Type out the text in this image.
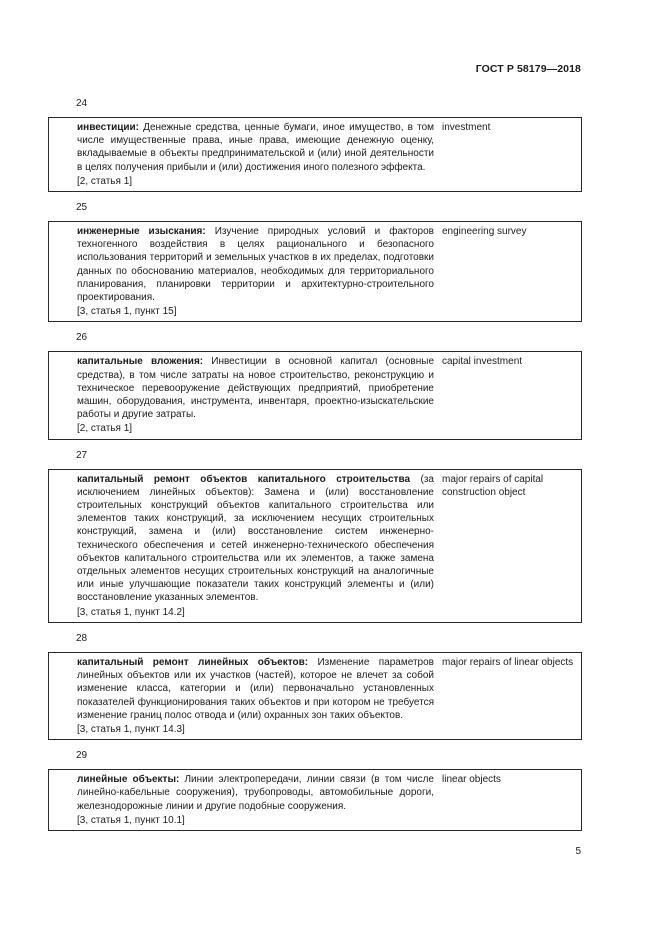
ГОСТ Р 58179—2018
24
инвестиции: Денежные средства, ценные бумаги, иное имущество, в том числе имущественные права, иные права, имеющие денежную оценку, вкладываемые в объекты предпринимательской и (или) иной деятельности в целях получения прибыли и (или) достижения иного полезного эффекта.
[2, статья 1]
investment
25
инженерные изыскания: Изучение природных условий и факторов техногенного воздействия в целях рационального и безопасного использования территорий и земельных участков в их пределах, подготовки данных по обоснованию материалов, необходимых для территориального планирования, планировки территории и архитектурно-строительного проектирования.
[3, статья 1, пункт 15]
engineering survey
26
капитальные вложения: Инвестиции в основной капитал (основные средства), в том числе затраты на новое строительство, реконструкцию и техническое перевооружение действующих предприятий, приобретение машин, оборудования, инструмента, инвентаря, проектно-изыскательские работы и другие затраты.
[2, статья 1]
capital investment
27
капитальный ремонт объектов капитального строительства (за исключением линейных объектов): Замена и (или) восстановление строительных конструкций объектов капитального строительства или элементов таких конструкций, за исключением несущих строительных конструкций, замена и (или) восстановление систем инженерно-технического обеспечения и сетей инженерно-технического обеспечения объектов капитального строительства или их элементов, а также замена отдельных элементов несущих строительных конструкций на аналогичные или иные улучшающие показатели таких конструкций элементы и (или) восстановление указанных элементов.
[3, статья 1, пункт 14.2]
major repairs of capital construction object
28
капитальный ремонт линейных объектов: Изменение параметров линейных объектов или их участков (частей), которое не влечет за собой изменение класса, категории и (или) первоначально установленных показателей функционирования таких объектов и при котором не требуется изменение границ полос отвода и (или) охранных зон таких объектов.
[3, статья 1, пункт 14.3]
major repairs of linear objects
29
линейные объекты: Линии электропередачи, линии связи (в том числе линейно-кабельные сооружения), трубопроводы, автомобильные дороги, железнодорожные линии и другие подобные сооружения.
[3, статья 1, пункт 10.1]
linear objects
5
